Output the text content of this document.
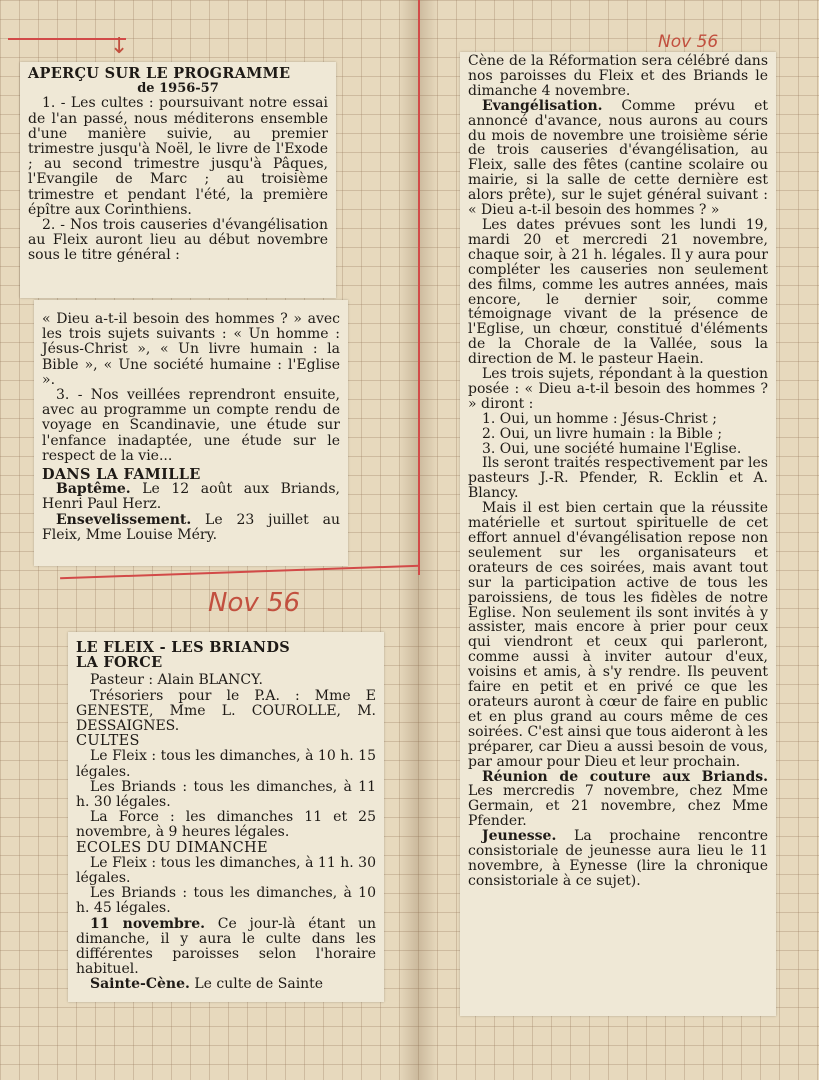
↓	Nov 56
Nov 56

APERÇU SUR LE PROGRAMME

de 1956-57

1. - Les cultes : poursuivant notre essai de l'an passé, nous méditerons ensemble d'une manière suivie, au premier trimestre jusqu'à Noël, le livre de l'Exode ; au second trimestre jusqu'à Pâques, l'Evangile de Marc ; au troisième trimestre et pendant l'été, la première épître aux Corinthiens.

2. - Nos trois causeries d'évangélisation au Fleix auront lieu au début novembre sous le titre général :

« Dieu a-t-il besoin des hommes ? » avec les trois sujets suivants : « Un homme : Jésus-Christ », « Un livre humain : la Bible », « Une société humaine : l'Eglise ».

3. - Nos veillées reprendront ensuite, avec au programme un compte rendu de voyage en Scandinavie, une étude sur l'enfance inadaptée, une étude sur le respect de la vie...

DANS LA FAMILLE

Baptême. Le 12 août aux Briands, Henri Paul Herz.

Ensevelissement. Le 23 juillet au Fleix, Mme Louise Méry.

LE FLEIX - LES BRIANDS

LA FORCE

Pasteur : Alain BLANCY.

Trésoriers pour le P.A. : Mme E GENESTE, Mme L. COUROLLE, M. DESSAIGNES.

CULTES

Le Fleix : tous les dimanches, à 10 h. 15 légales.

Les Briands : tous les dimanches, à 11 h. 30 légales.

La Force : les dimanches 11 et 25 novembre, à 9 heures légales.

ECOLES DU DIMANCHE

Le Fleix : tous les dimanches, à 11 h. 30 légales.

Les Briands : tous les dimanches, à 10 h. 45 légales.

11 novembre. Ce jour-là étant un dimanche, il y aura le culte dans les différentes paroisses selon l'horaire habituel.

Sainte-Cène. Le culte de Sainte

Cène de la Réformation sera célébré dans nos paroisses du Fleix et des Briands le dimanche 4 novembre.

Evangélisation. Comme prévu et annoncé d'avance, nous aurons au cours du mois de novembre une troisième série de trois causeries d'évangélisation, au Fleix, salle des fêtes (cantine scolaire ou mairie, si la salle de cette dernière est alors prête), sur le sujet général suivant : « Dieu a-t-il besoin des hommes ? »

Les dates prévues sont les lundi 19, mardi 20 et mercredi 21 novembre, chaque soir, à 21 h. légales. Il y aura pour compléter les causeries non seulement des films, comme les autres années, mais encore, le dernier soir, comme témoignage vivant de la présence de l'Eglise, un chœur, constitué d'éléments de la Chorale de la Vallée, sous la direction de M. le pasteur Haein.

Les trois sujets, répondant à la question posée : « Dieu a-t-il besoin des hommes ? » diront :

1. Oui, un homme : Jésus-Christ ;

2. Oui, un livre humain : la Bible ;

3. Oui, une société humaine l'Eglise.

Ils seront traités respectivement par les pasteurs J.-R. Pfender, R. Ecklin et A. Blancy.

Mais il est bien certain que la réussite matérielle et surtout spirituelle de cet effort annuel d'évangélisation repose non seulement sur les organisateurs et orateurs de ces soirées, mais avant tout sur la participation active de tous les paroissiens, de tous les fidèles de notre Eglise. Non seulement ils sont invités à y assister, mais encore à prier pour ceux qui viendront et ceux qui parleront, comme aussi à inviter autour d'eux, voisins et amis, à s'y rendre. Ils peuvent faire en petit et en privé ce que les orateurs auront à cœur de faire en public et en plus grand au cours même de ces soirées. C'est ainsi que tous aideront à les préparer, car Dieu a aussi besoin de vous, par amour pour Dieu et leur prochain.

Réunion de couture aux Briands. Les mercredis 7 novembre, chez Mme Germain, et 21 novembre, chez Mme Pfender.

Jeunesse. La prochaine rencontre consistoriale de jeunesse aura lieu le 11 novembre, à Eynesse (lire la chronique consistoriale à ce sujet).
